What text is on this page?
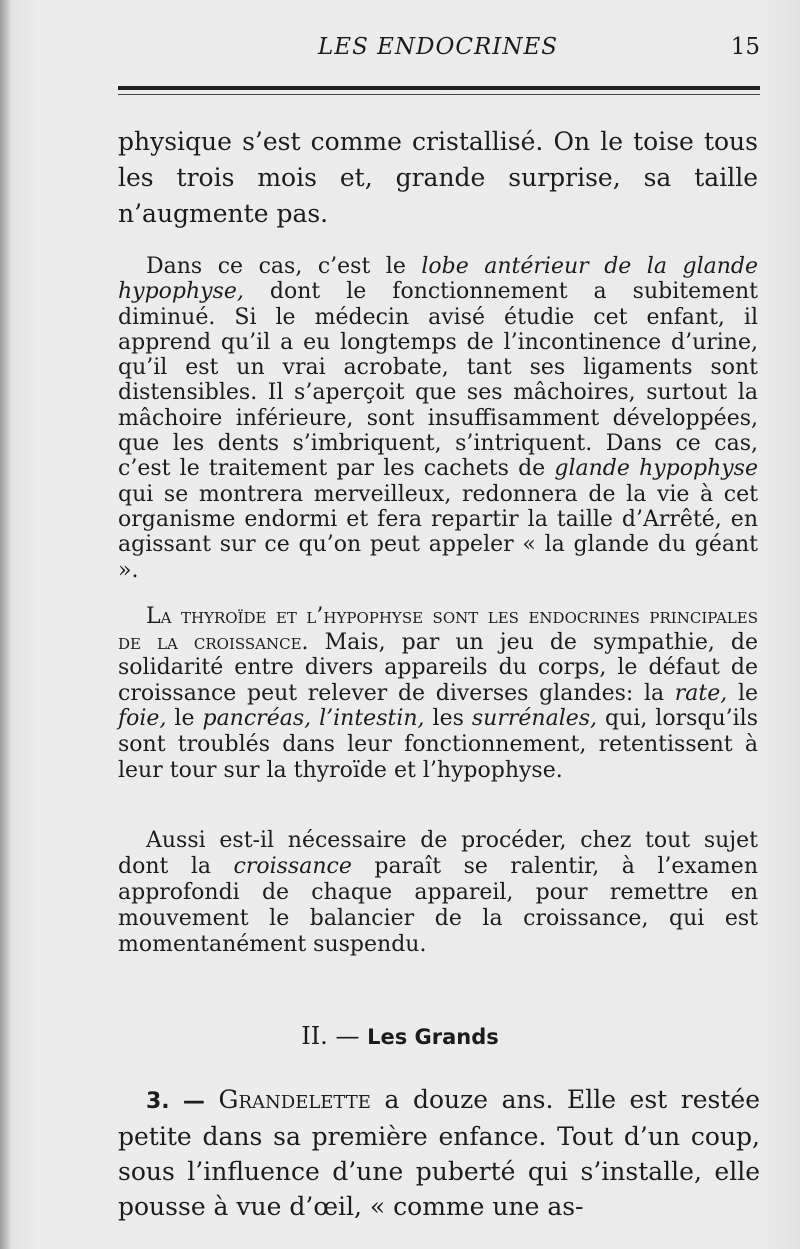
LES ENDOCRINES	15

physique s’est comme cristallisé. On le toise tous les trois mois et, grande surprise, sa taille n’augmente pas.

Dans ce cas, c’est le lobe antérieur de la glande hypophyse, dont le fonctionnement a subitement diminué. Si le médecin avisé étudie cet enfant, il apprend qu’il a eu longtemps de l’incontinence d’urine, qu’il est un vrai acrobate, tant ses ligaments sont distensibles. Il s’aperçoit que ses mâchoires, surtout la mâchoire inférieure, sont insuffisamment développées, que les dents s’imbriquent, s’intriquent. Dans ce cas, c’est le traitement par les cachets de glande hypophyse qui se montrera merveilleux, redonnera de la vie à cet organisme endormi et fera repartir la taille d’Arrêté, en agissant sur ce qu’on peut appeler « la glande du géant ».

La thyroïde et l’hypophyse sont les endocrines principales de la croissance. Mais, par un jeu de sympathie, de solidarité entre divers appareils du corps, le défaut de croissance peut relever de diverses glandes: la rate, le foie, le pancréas, l’intestin, les surrénales, qui, lorsqu’ils sont troublés dans leur fonctionnement, retentissent à leur tour sur la thyroïde et l’hypophyse.

Aussi est-il nécessaire de procéder, chez tout sujet dont la croissance paraît se ralentir, à l’examen approfondi de chaque appareil, pour remettre en mouvement le balancier de la croissance, qui est momentanément suspendu.

II. — Les Grands

3. — Grandelette a douze ans. Elle est restée petite dans sa première enfance. Tout d’un coup, sous l’influence d’une puberté qui s’installe, elle pousse à vue d’œil, « comme une as-
